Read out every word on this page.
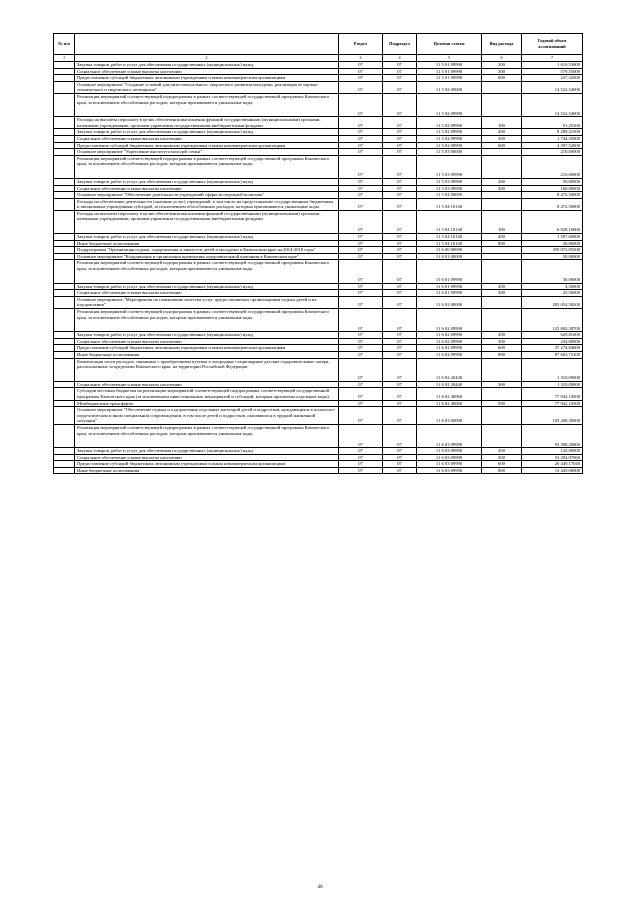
№ п/п		Раздел	Подраздел	Целевая статья	Вид расхода	Годовой объем ассигнований
1	2	3	4	5	6	7
	Закупка товаров, работ и услуг для обеспечения государственных (муниципальных) нужд	07	07	11 5 01 09990	200	1 616,53000
	Социальное обеспечение и иные выплаты населению	07	07	11 5 01 09990	300	579,55000
	Предоставление субсидий бюджетным, автономным учреждениям и иным некоммерческим организациям	07	07	11 5 01 09990	600	247,32000
	Основное мероприятие "Создание условий для интеллектуального, творческого развития молодежи, реализация ее научно-технического и творческого потенциала"	07	07	11 5 02 00000		14 522,54000
	Реализация мероприятий соответствующей подпрограммы в рамках соответствующей государственной программы Камчатского края, за исключением обособленных расходов, которым присваиваются уникальные коды	07	07	11 5 02 09990		14 522,54000
	Расходы на выплаты персоналу в целях обеспечения выполнения функций государственными (муниципальными) органами, казенными учреждениями, органами управления государственными внебюджетными фондами	07	07	11 5 02 09990	100	91,25500
	Закупка товаров, работ и услуг для обеспечения государственных (муниципальных) нужд	07	07	11 5 02 09990	200	8 289,41500
	Социальное обеспечение и иные выплаты населению	07	07	11 5 02 09990	300	1 744,35000
	Предоставление субсидий бюджетным, автономным учреждениям и иным некоммерческим организациям	07	07	11 5 02 09990	600	4 397,52000
	Основное мероприятие "Укрепление института молодой семьи"	07	07	11 5 03 00000		210,00000
	Реализация мероприятий соответствующей подпрограммы в рамках соответствующей государственной программы Камчатского края, за исключением обособленных расходов, которым присваиваются уникальные коды	07	07	11 5 03 09990		210,00000
	Закупка товаров, работ и услуг для обеспечения государственных (муниципальных) нужд	07	07	11 5 03 09990	200	50,00000
	Социальное обеспечение и иные выплаты населению	07	07	11 5 03 09990	300	160,00000
	Основное мероприятие "Обеспечение деятельности учреждений сферы молодежной политики"	07	07	11 5 04 00000		8 472,50000
	Расходы на обеспечение деятельности (оказание услуг) учреждений, в том числе на предоставление государственным бюджетным и автономным учреждениям субсидий, за исключением обособленных расходов, которым присваиваются уникальные коды	07	07	11 5 04 10140		8 472,50000
	Расходы на выплаты персоналу в целях обеспечения выполнения функций государственными (муниципальными) органами, казенными учреждениями, органами управления государственными внебюджетными фондами	07	07	11 5 04 10140	100	6 928,10000
	Закупка товаров, работ и услуг для обеспечения государственных (муниципальных) нужд	07	07	11 5 04 10140	200	1 507,60000
	Иные бюджетные ассигнования	07	07	11 5 04 10140	800	36,80000
	Подпрограмма "Организация отдыха, оздоровления и занятости детей и молодежи в Камчатском крае на 2014-2018 годы"	07	07	11 6 00 00000		359 072,05500
	Основное мероприятие "Координация и организация проведения оздоровительной кампании в Камчатском крае"	07	07	11 6 01 00000		30,00000
	Реализация мероприятий соответствующей подпрограммы в рамках соответствующей государственной программы Камчатского края, за исключением обособленных расходов, которым присваиваются уникальные коды	07	07	11 6 01 09990		30,00000
	Закупка товаров, работ и услуг для обеспечения государственных (муниципальных) нужд	07	07	11 6 01 09990	200	4,50000
	Социальное обеспечение и иные выплаты населению	07	07	11 6 01 09990	300	25,50000
	Основное мероприятие "Мероприятия по повышению качества услуг, предоставляемых организациями отдыха детей и их оздоровления"	07	07	11 6 02 00000		205 054,58200
	Реализация мероприятий соответствующей подпрограммы в рамках соответствующей государственной программы Камчатского края, за исключением обособленных расходов, которым присваиваются уникальные коды	07	07	11 6 02 09990		125 802,38700
	Закупка товаров, работ и услуг для обеспечения государственных (муниципальных) нужд	07	07	11 6 02 09990	200	629,81000
	Социальное обеспечение и иные выплаты населению	07	07	11 6 02 09990	300	234,00000
	Предоставление субсидий бюджетным, автономным учреждениям и иным некоммерческим организациям	07	07	11 6 02 09990	600	37 274,84600
	Иные бюджетные ассигнования	07	07	11 6 02 09990	800	87 663,73100
	Компенсация части расходов, связанных с приобретением путевок в загородные стационарные детские оздоровительные лагеря, расположенные за пределами Камчатского края, на территории Российской Федерации	07	07	11 6 02 20440		1 310,09000
	Социальное обеспечение и иные выплаты населению	07	07	11 6 02 20440	300	1 310,09000
	Субсидии местным бюджетам на реализацию мероприятий соответствующей подпрограммы соответствующей государственной программы Камчатского края (за исключением инвестиционных мероприятий и субсидий, которым присвоены отдельные коды)	07	07	11 6 02 40060		77 942,10500
	Межбюджетные трансферты	07	07	11 6 02 40060	500	77 942,10500
	Основное мероприятие "Обеспечение отдыха и оздоровления отдельных категорий детей и подростков, нуждающихся в психолого-педагогическом и ином специальном сопровождении, в том числе детей и подростков, оказавшихся в трудной жизненной ситуации"	07	07	11 6 03 00000		103 268,30000
	Реализация мероприятий соответствующей подпрограммы в рамках соответствующей государственной программы Камчатского края, за исключением обособленных расходов, которым присваиваются уникальные коды	07	07	11 6 03 09990		93 308,20000
	Закупка товаров, работ и услуг для обеспечения государственных (муниципальных) нужд	07	07	11 6 03 09990	200	120,00000
	Социальное обеспечение и иные выплаты населению	07	07	11 6 03 09990	300	53 294,07960
	Предоставление субсидий бюджетным, автономным учреждениям и иным некоммерческим организациям	07	07	11 6 03 09990	600	26 449,17040
	Иные бюджетные ассигнования	07	07	11 6 03 09990	800	13 445,00000
46
